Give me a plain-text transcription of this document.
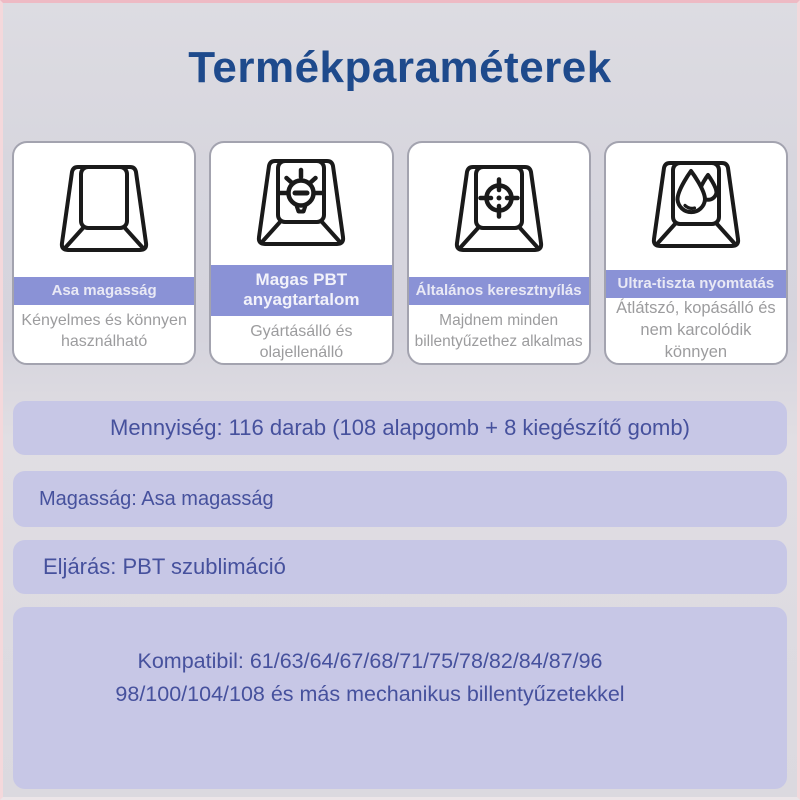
Termékparaméterek
Asa magasság
Kényelmes és könnyen használható
Magas PBT anyagtartalom
Gyártásálló és olajellenálló
Általános keresztnyílás
Majdnem minden billentyűzethez alkalmas
Ultra-tiszta nyomtatás
Átlátszó, kopásálló és nem karcolódik könnyen
Mennyiség: 116 darab (108 alapgomb + 8 kiegészítő gomb)
Magasság: Asa magasság
Eljárás: PBT szublimáció
Kompatibil: 61/63/64/67/68/71/75/78/82/84/87/96
98/100/104/108 és más mechanikus billentyűzetekkel
